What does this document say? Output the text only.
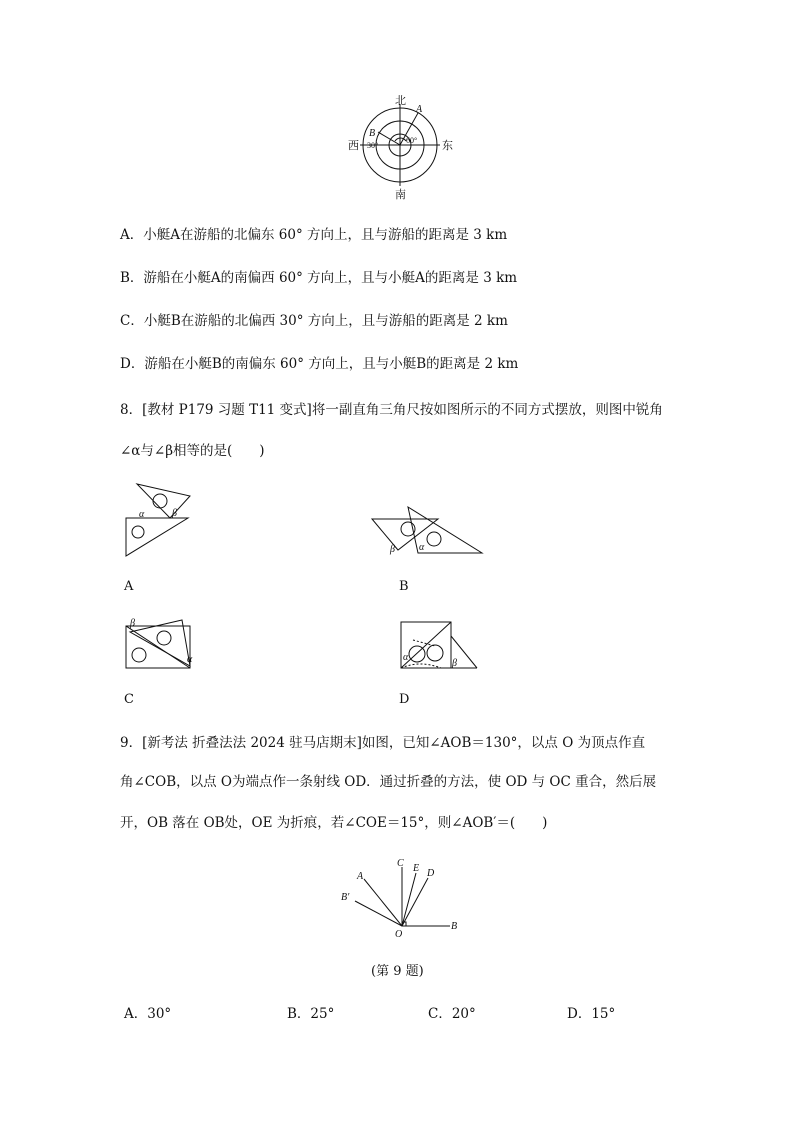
北
南
西	东
A
B
60°
30°
A．小艇A在游船的北偏东 60° 方向上，且与游船的距离是 3 km
B．游船在小艇A的南偏西 60° 方向上，且与小艇A的距离是 3 km
C．小艇B在游船的北偏西 30° 方向上，且与游船的距离是 2 km
D．游船在小艇B的南偏东 60° 方向上，且与小艇B的距离是 2 km
8．[教材 P179 习题 T11 变式]将一副直角三角尺按如图所示的不同方式摆放，则图中锐角
∠α与∠β相等的是(　　)
α	β
A
β α
B
β
α
C
α
β
D
9．[新考法 折叠法法 2024 驻马店期末]如图，已知∠AOB＝130°，以点 O 为顶点作直
角∠COB，以点 O为端点作一条射线 OD．通过折叠的方法，使 OD 与 OC 重合，然后展
开，OB 落在 OB处，OE 为折痕，若∠COE＝15°，则∠AOB′＝(　　)
C E D
A
B′
O
B
(第 9 题)
A．30°	B．25°	C．20°	D．15°
